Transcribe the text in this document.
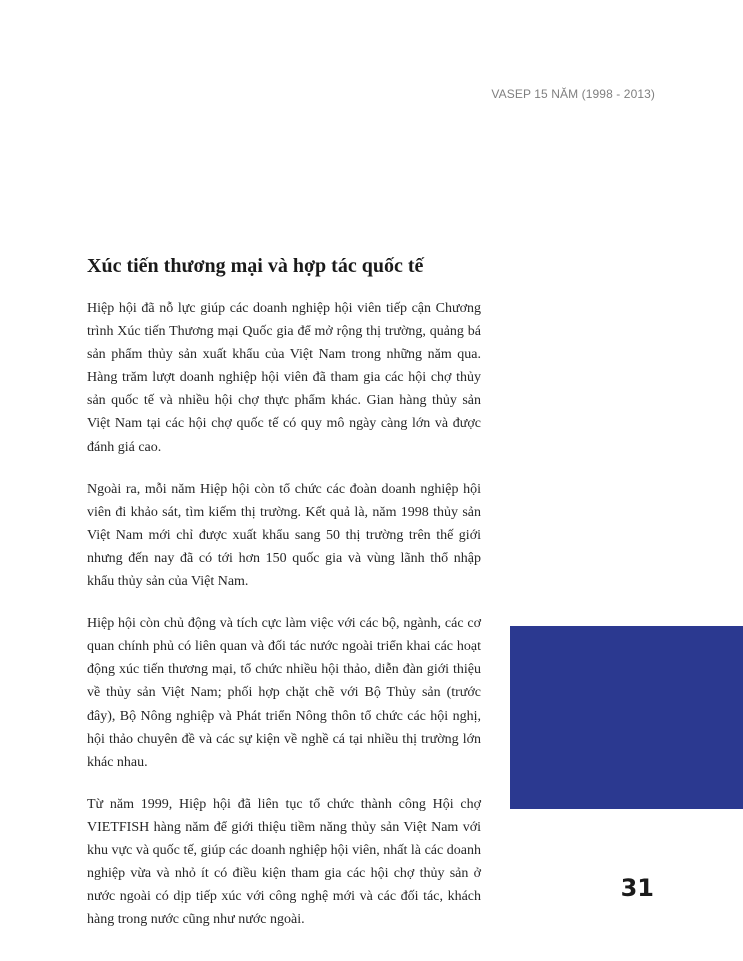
VASEP 15 NĂM (1998 - 2013)
Xúc tiến thương mại và hợp tác quốc tế

Hiệp hội đã nỗ lực giúp các doanh nghiệp hội viên tiếp cận Chương trình Xúc tiến Thương mại Quốc gia để mở rộng thị trường, quảng bá sản phẩm thủy sản xuất khẩu của Việt Nam trong những năm qua. Hàng trăm lượt doanh nghiệp hội viên đã tham gia các hội chợ thủy sản quốc tế và nhiều hội chợ thực phẩm khác. Gian hàng thủy sản Việt Nam tại các hội chợ quốc tế có quy mô ngày càng lớn và được đánh giá cao.

Ngoài ra, mỗi năm Hiệp hội còn tổ chức các đoàn doanh nghiệp hội viên đi khảo sát, tìm kiếm thị trường. Kết quả là, năm 1998 thủy sản Việt Nam mới chỉ được xuất khẩu sang 50 thị trường trên thế giới nhưng đến nay đã có tới hơn 150 quốc gia và vùng lãnh thổ nhập khẩu thủy sản của Việt Nam.

Hiệp hội còn chủ động và tích cực làm việc với các bộ, ngành, các cơ quan chính phủ có liên quan và đối tác nước ngoài triển khai các hoạt động xúc tiến thương mại, tổ chức nhiều hội thảo, diễn đàn giới thiệu về thủy sản Việt Nam; phối hợp chặt chẽ với Bộ Thủy sản (trước đây), Bộ Nông nghiệp và Phát triển Nông thôn tổ chức các hội nghị, hội thảo chuyên đề và các sự kiện về nghề cá tại nhiều thị trường lớn khác nhau.

Từ năm 1999, Hiệp hội đã liên tục tổ chức thành công Hội chợ VIETFISH hàng năm để giới thiệu tiềm năng thủy sản Việt Nam với khu vực và quốc tế, giúp các doanh nghiệp hội viên, nhất là các doanh nghiệp vừa và nhỏ ít có điều kiện tham gia các hội chợ thủy sản ở nước ngoài có dịp tiếp xúc với công nghệ mới và các đối tác, khách hàng trong nước cũng như nước ngoài.

31
